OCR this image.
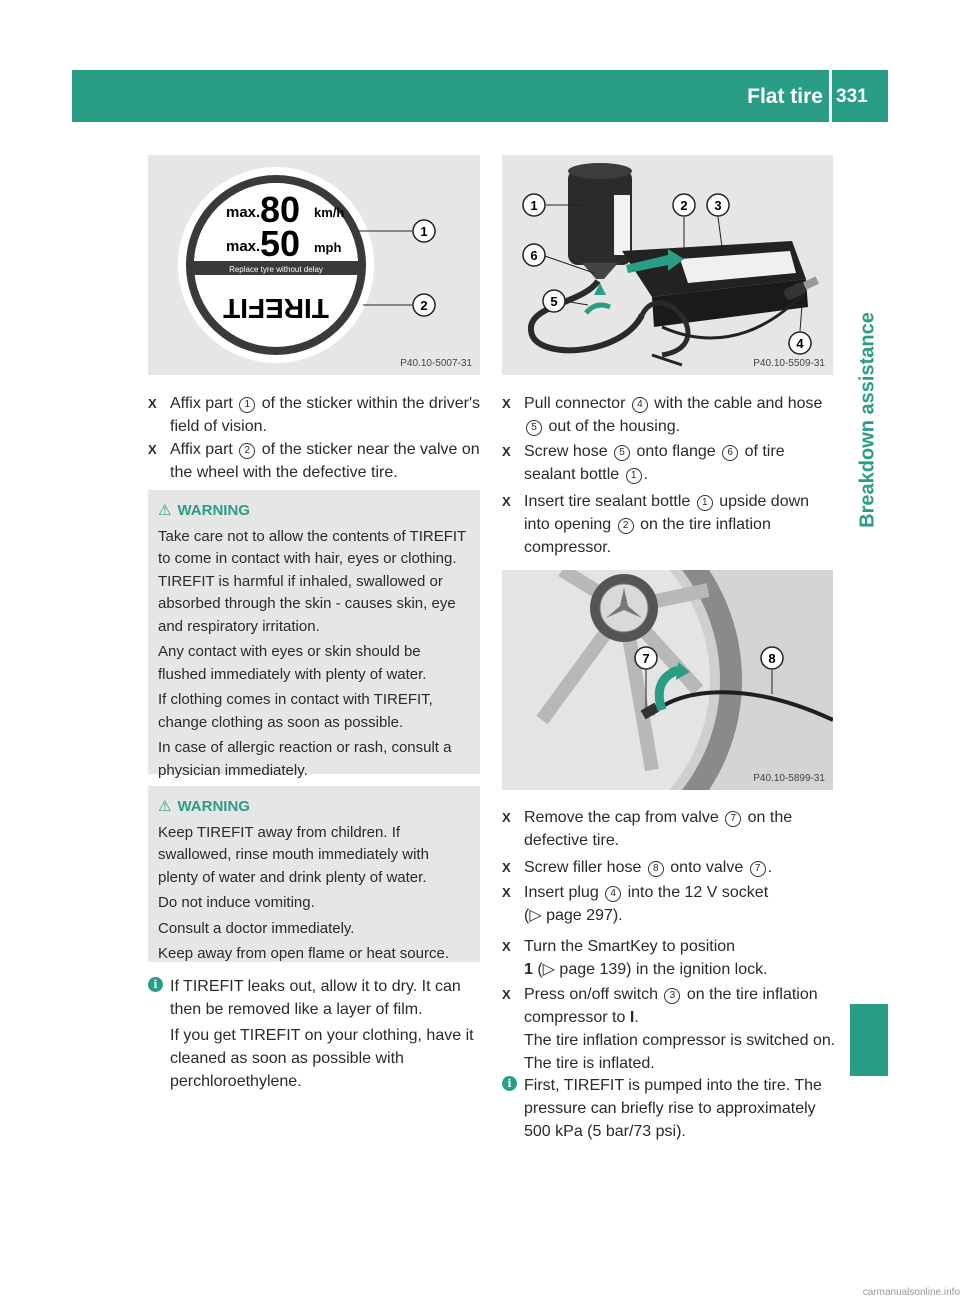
Flat tire 331
Breakdown assistance
max. 80 km/h
max. 50 mph
Replace tyre without delay
TIREFIT
1
2
P40.10-5007-31
X Affix part 1 of the sticker within the driver's field of vision.
X Affix part 2 of the sticker near the valve on the wheel with the defective tire.
⚠ WARNING

Take care not to allow the contents of TIREFIT to come in contact with hair, eyes or clothing. TIREFIT is harmful if inhaled, swallowed or absorbed through the skin - causes skin, eye and respiratory irritation.

Any contact with eyes or skin should be flushed immediately with plenty of water.

If clothing comes in contact with TIREFIT, change clothing as soon as possible.

In case of allergic reaction or rash, consult a physician immediately.

⚠ WARNING

Keep TIREFIT away from children. If swallowed, rinse mouth immediately with plenty of water and drink plenty of water.

Do not induce vomiting.

Consult a doctor immediately.

Keep away from open flame or heat source.

i If TIREFIT leaks out, allow it to dry. It can then be removed like a layer of film.

If you get TIREFIT on your clothing, have it cleaned as soon as possible with perchloroethylene.

1	2 3
4
5
6
P40.10-5509-31
X Pull connector 4 with the cable and hose 5 out of the housing.
X Screw hose 5 onto flange 6 of tire sealant bottle 1 .
X Insert tire sealant bottle 1 upside down into opening 2 on the tire inflation compressor.
7	8
P40.10-5899-31
X Remove the cap from valve 7 on the defective tire.
X Screw filler hose 8 onto valve 7 .
X Insert plug 4 into the 12 V socket
(▷ page 297).
X Turn the SmartKey to position
1 (▷ page 139) in the ignition lock.
X Press on/off switch 3 on the tire inflation compressor to I.
The tire inflation compressor is switched on. The tire is inflated.
i First, TIREFIT is pumped into the tire. The pressure can briefly rise to approximately 500 kPa (5 bar/73 psi).

carmanualsonline.info
